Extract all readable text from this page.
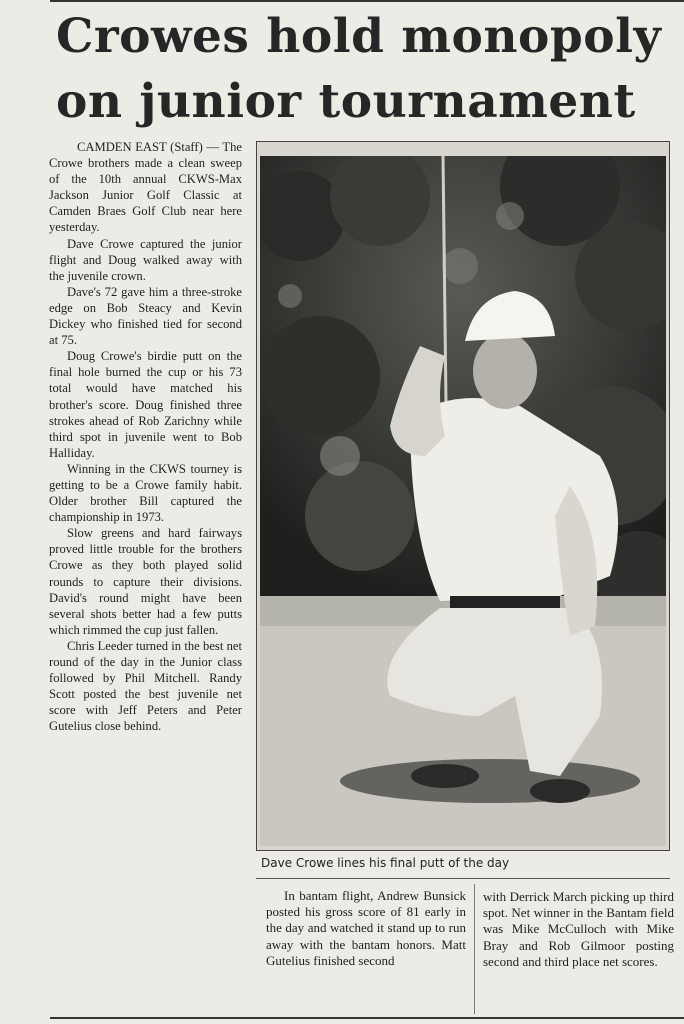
Crowes hold monopoly on junior tournament

CAMDEN EAST (Staff) — The Crowe brothers made a clean sweep of the 10th annual CKWS-Max Jackson Junior Golf Classic at Camden Braes Golf Club near here yesterday.

Dave Crowe captured the junior flight and Doug walked away with the juvenile crown.

Dave's 72 gave him a three-stroke edge on Bob Steacy and Kevin Dickey who finished tied for second at 75.

Doug Crowe's birdie putt on the final hole burned the cup or his 73 total would have matched his brother's score. Doug finished three strokes ahead of Rob Zarichny while third spot in juvenile went to Bob Halliday.

Winning in the CKWS tourney is getting to be a Crowe family habit. Older brother Bill captured the championship in 1973.

Slow greens and hard fairways proved little trouble for the brothers Crowe as they both played solid rounds to capture their divisions. David's round might have been several shots better had a few putts which rimmed the cup just fallen.

Chris Leeder turned in the best net round of the day in the Junior class followed by Phil Mitchell. Randy Scott posted the best juvenile net score with Jeff Peters and Peter Gutelius close behind.

Dave Crowe lines his final putt of the day

In bantam flight, Andrew Bunsick posted his gross score of 81 early in the day and watched it stand up to run away with the bantam honors. Matt Gutelius finished second

with Derrick March picking up third spot. Net winner in the Bantam field was Mike McCulloch with Mike Bray and Rob Gilmoor posting second and third place net scores.
